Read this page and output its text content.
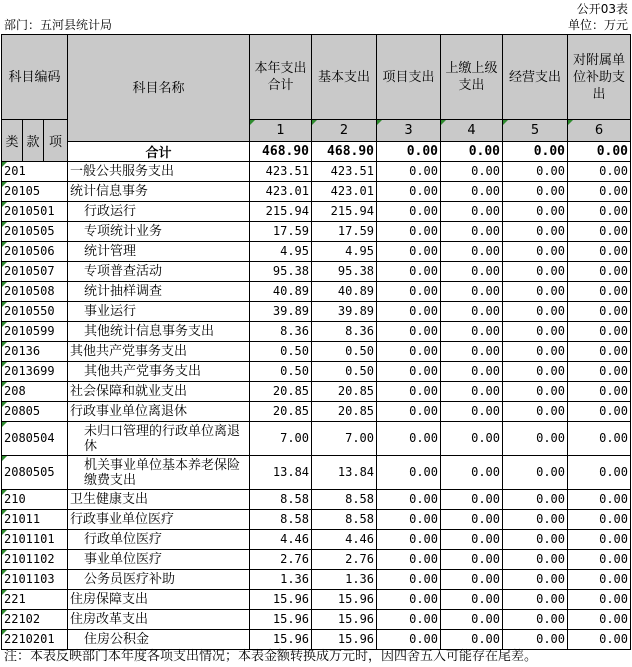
公开03表
部门：五河县统计局	单位：万元
科目编码			科目名称	本年支出合计	基本支出	项目支出	上缴上级支出	经营支出	对附属单位补助支出
类	款	项		1	2	3	4	5	6
			合计	468.90	468.90	0.00	0.00	0.00	0.00
201			一般公共服务支出	423.51	423.51	0.00	0.00	0.00	0.00
20105			统计信息事务	423.01	423.01	0.00	0.00	0.00	0.00
2010501			行政运行	215.94	215.94	0.00	0.00	0.00	0.00
2010505			专项统计业务	17.59	17.59	0.00	0.00	0.00	0.00
2010506			统计管理	4.95	4.95	0.00	0.00	0.00	0.00
2010507			专项普查活动	95.38	95.38	0.00	0.00	0.00	0.00
2010508			统计抽样调查	40.89	40.89	0.00	0.00	0.00	0.00
2010550			事业运行	39.89	39.89	0.00	0.00	0.00	0.00
2010599			其他统计信息事务支出	8.36	8.36	0.00	0.00	0.00	0.00
20136			其他共产党事务支出	0.50	0.50	0.00	0.00	0.00	0.00
2013699			其他共产党事务支出	0.50	0.50	0.00	0.00	0.00	0.00
208			社会保障和就业支出	20.85	20.85	0.00	0.00	0.00	0.00
20805			行政事业单位离退休	20.85	20.85	0.00	0.00	0.00	0.00
2080504			未归口管理的行政单位离退休	7.00	7.00	0.00	0.00	0.00	0.00
2080505			机关事业单位基本养老保险缴费支出	13.84	13.84	0.00	0.00	0.00	0.00
210			卫生健康支出	8.58	8.58	0.00	0.00	0.00	0.00
21011			行政事业单位医疗	8.58	8.58	0.00	0.00	0.00	0.00
2101101			行政单位医疗	4.46	4.46	0.00	0.00	0.00	0.00
2101102			事业单位医疗	2.76	2.76	0.00	0.00	0.00	0.00
2101103			公务员医疗补助	1.36	1.36	0.00	0.00	0.00	0.00
221			住房保障支出	15.96	15.96	0.00	0.00	0.00	0.00
22102			住房改革支出	15.96	15.96	0.00	0.00	0.00	0.00
2210201			住房公积金	15.96	15.96	0.00	0.00	0.00	0.00
注：本表反映部门本年度各项支出情况；本表金额转换成万元时，因四舍五入可能存在尾差。
